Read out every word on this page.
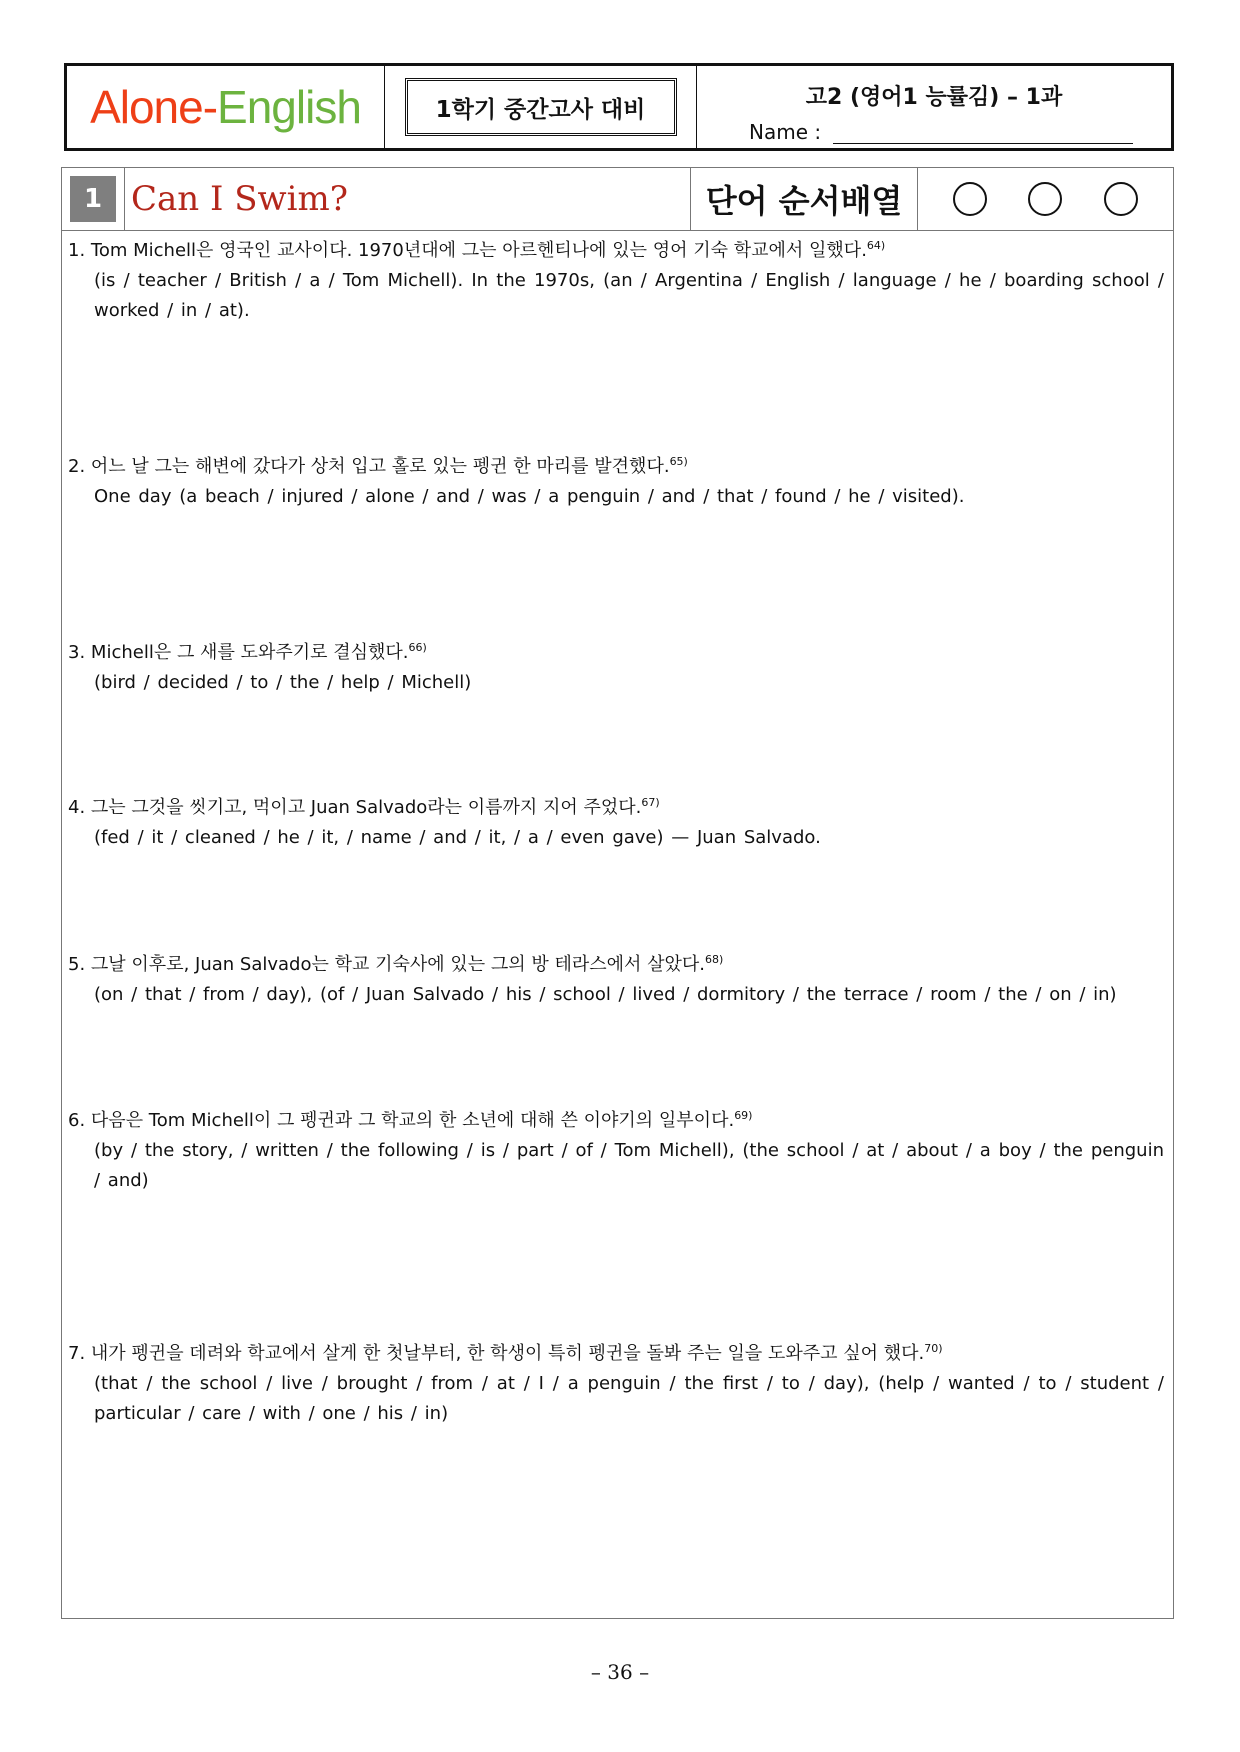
Alone - English	1학기 중간고사 대비	고2 (영어1 능률김) – 1과
Name :
1 Can I Swim?	단어 순서배열
1. Tom Michell은 영국인 교사이다. 1970년대에 그는 아르헨티나에 있는 영어 기숙 학교에서 일했다.$^{64)}$
(is / teacher / British / a / Tom Michell). In the 1970s, (an / Argentina / English / language / he / boarding school / worked / in / at).
2. 어느 날 그는 해변에 갔다가 상처 입고 홀로 있는 펭귄 한 마리를 발견했다.$^{65)}$
One day (a beach / injured / alone / and / was / a penguin / and / that / found / he / visited).
3. Michell은 그 새를 도와주기로 결심했다.$^{66)}$
(bird / decided / to / the / help / Michell)
4. 그는 그것을 씻기고, 먹이고 Juan Salvado라는 이름까지 지어 주었다.$^{67)}$
(fed / it / cleaned / he / it, / name / and / it, / a / even gave) — Juan Salvado.
5. 그날 이후로, Juan Salvado는 학교 기숙사에 있는 그의 방 테라스에서 살았다.$^{68)}$
(on / that / from / day), (of / Juan Salvado / his / school / lived / dormitory / the terrace / room / the / on / in)
6. 다음은 Tom Michell이 그 펭귄과 그 학교의 한 소년에 대해 쓴 이야기의 일부이다.$^{69)}$
(by / the story, / written / the following / is / part / of / Tom Michell), (the school / at / about / a boy / the penguin / and)
7. 내가 펭귄을 데려와 학교에서 살게 한 첫날부터, 한 학생이 특히 펭귄을 돌봐 주는 일을 도와주고 싶어 했다.$^{70)}$
(that / the school / live / brought / from / at / I / a penguin / the first / to / day), (help / wanted / to / student / particular / care / with / one / his / in)
– 36 –
